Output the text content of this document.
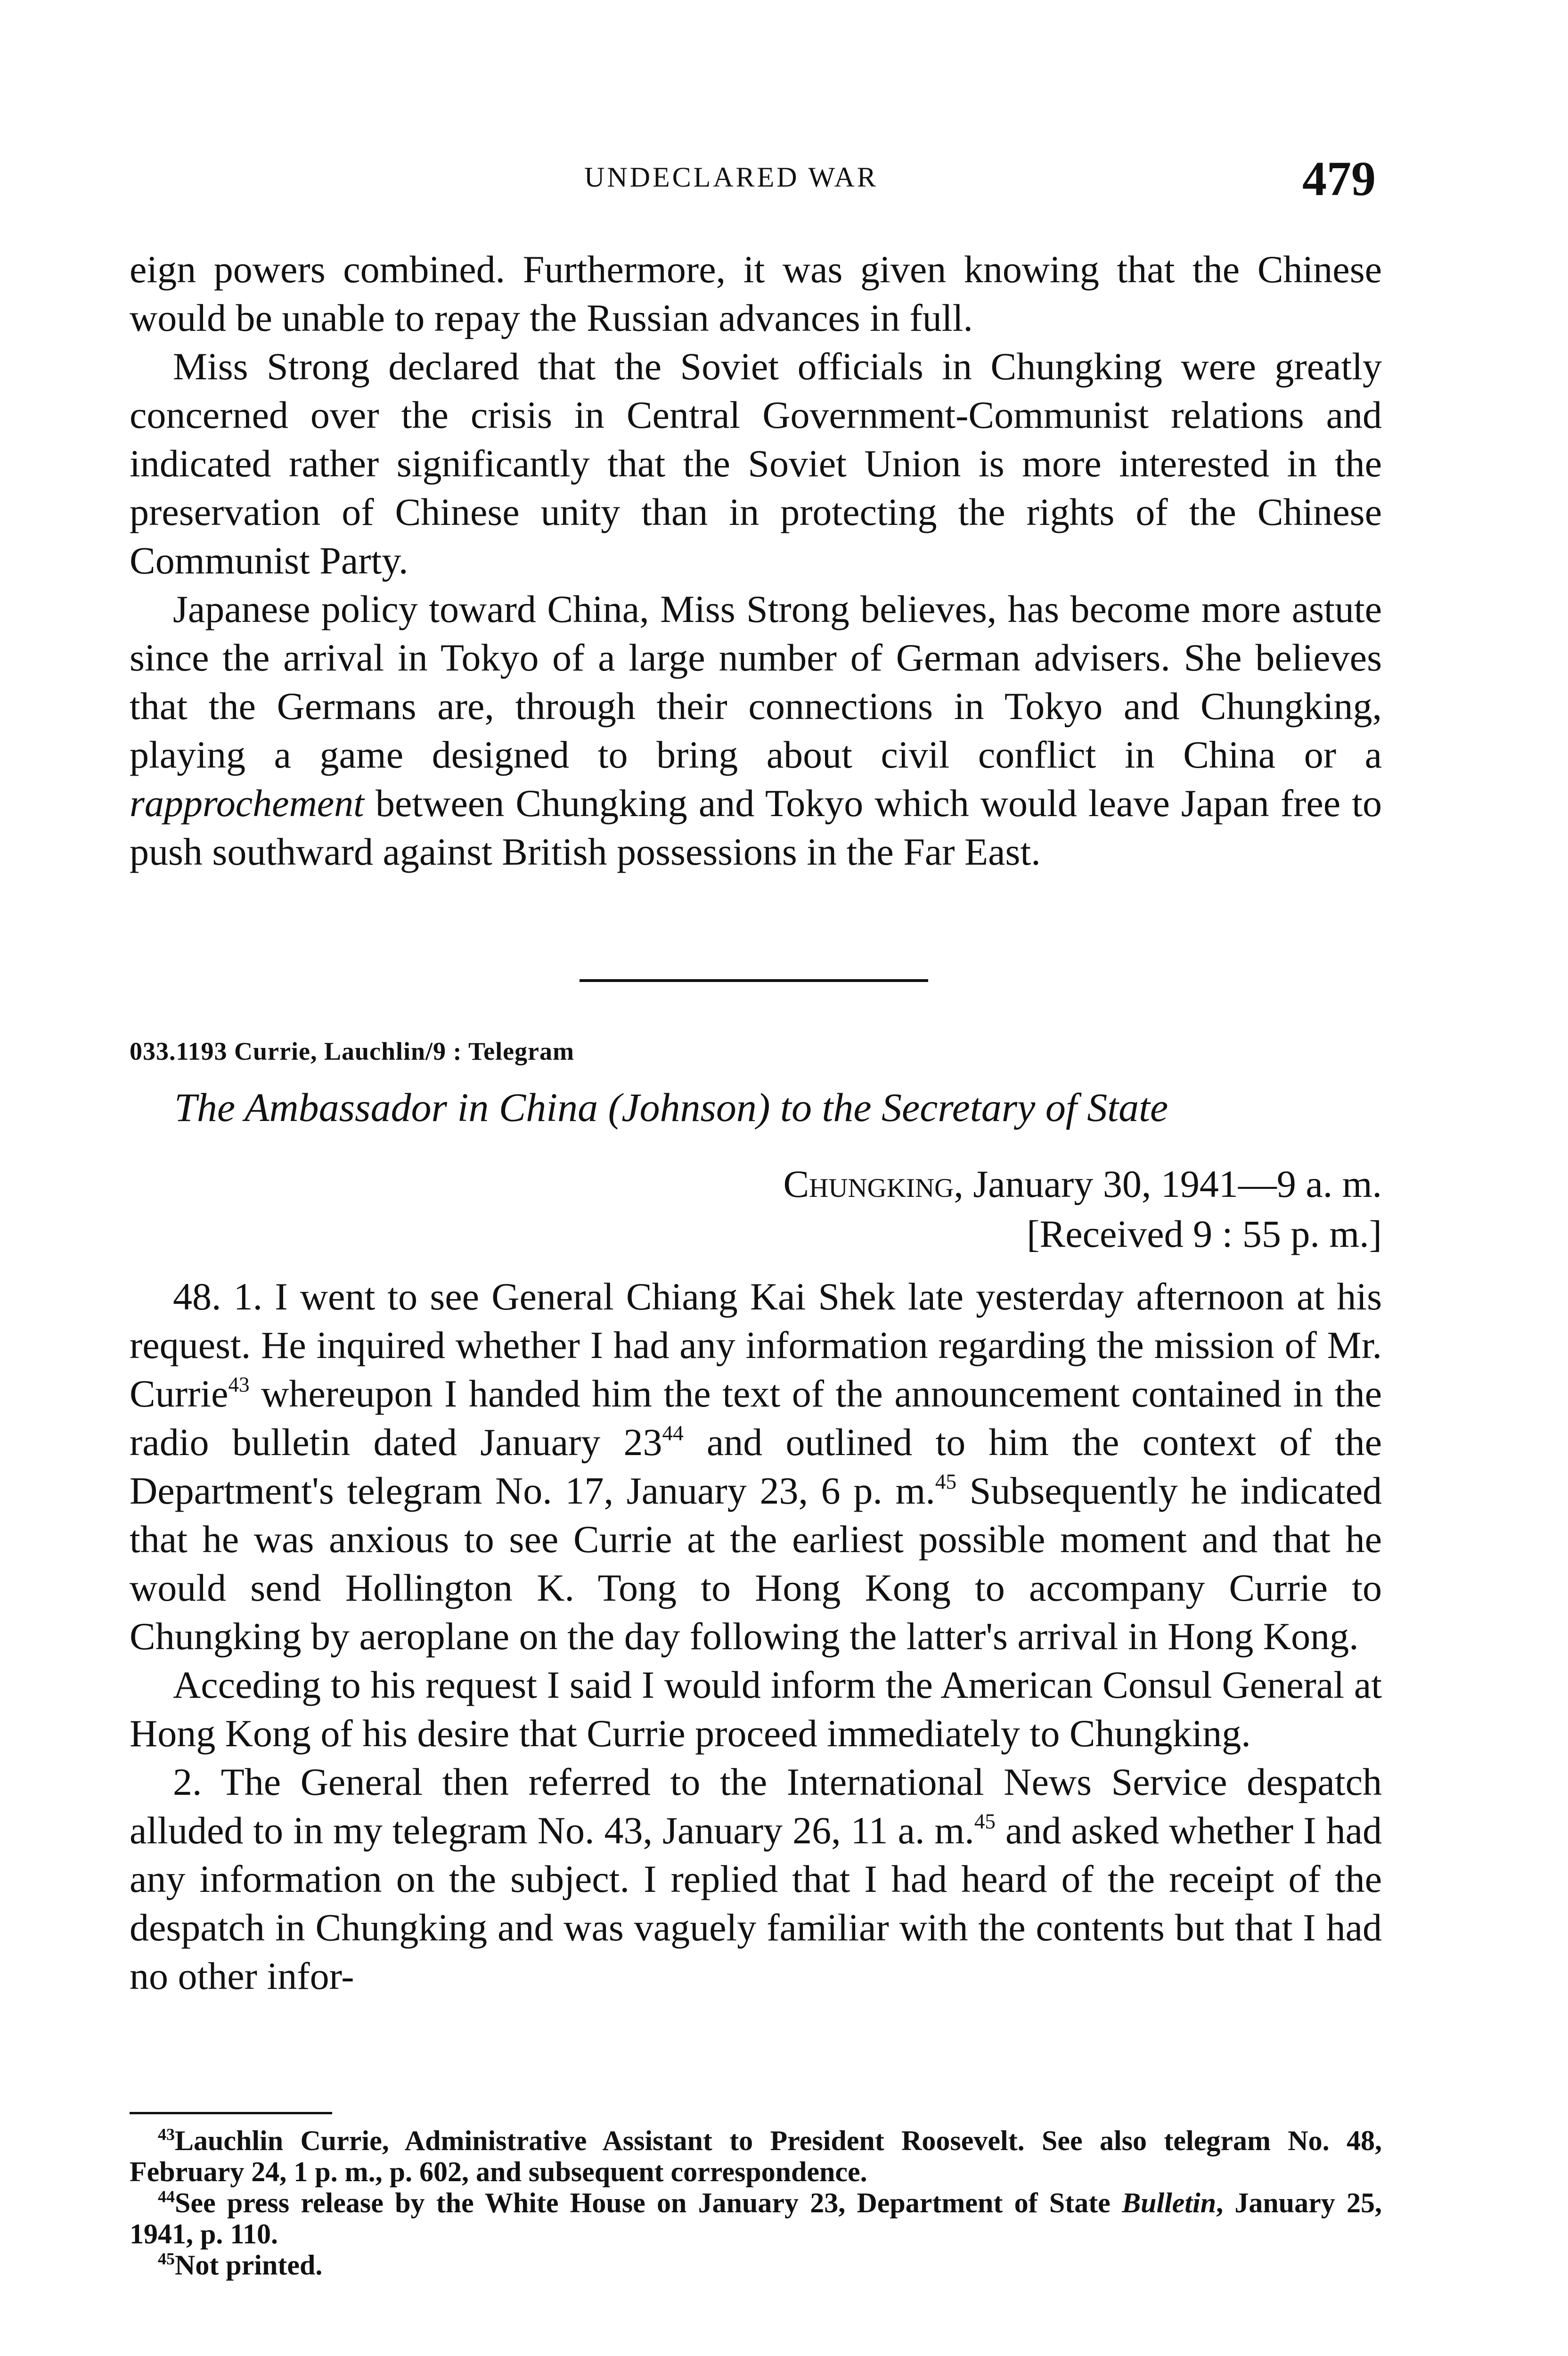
UNDECLARED WAR	479

eign powers combined. Furthermore, it was given knowing that the Chinese would be unable to repay the Russian advances in full.

Miss Strong declared that the Soviet officials in Chungking were greatly concerned over the crisis in Central Government-Communist relations and indicated rather significantly that the Soviet Union is more interested in the preservation of Chinese unity than in protecting the rights of the Chinese Communist Party.

Japanese policy toward China, Miss Strong believes, has become more astute since the arrival in Tokyo of a large number of German advisers. She believes that the Germans are, through their connections in Tokyo and Chungking, playing a game designed to bring about civil conflict in China or a rapprochement between Chungking and Tokyo which would leave Japan free to push southward against British possessions in the Far East.

033.1193 Currie, Lauchlin/9 : Telegram
The Ambassador in China (Johnson) to the Secretary of State
Chungking, January 30, 1941—9 a. m.
[Received 9 : 55 p. m.]

48. 1. I went to see General Chiang Kai Shek late yesterday afternoon at his request. He inquired whether I had any information regarding the mission of Mr. Currie$^{43}$ whereupon I handed him the text of the announcement contained in the radio bulletin dated January $23^{44}$ and outlined to him the context of the Department's telegram No. 17, January 23, 6 p. m.$^{45}$ Subsequently he indicated that he was anxious to see Currie at the earliest possible moment and that he would send Hollington K. Tong to Hong Kong to accompany Currie to Chungking by aeroplane on the day following the latter's arrival in Hong Kong.

Acceding to his request I said I would inform the American Consul General at Hong Kong of his desire that Currie proceed immediately to Chungking.

2. The General then referred to the International News Service despatch alluded to in my telegram No. 43, January 26, 11 a. m.$^{45}$ and asked whether I had any information on the subject. I replied that I had heard of the receipt of the despatch in Chungking and was vaguely familiar with the contents but that I had no other infor-

$^{43}$Lauchlin Currie, Administrative Assistant to President Roosevelt. See also telegram No. 48, February 24, 1 p. m., p. 602, and subsequent correspondence.

$^{44}$See press release by the White House on January 23, Department of State Bulletin, January 25, 1941, p. 110.

$^{45}$Not printed.
